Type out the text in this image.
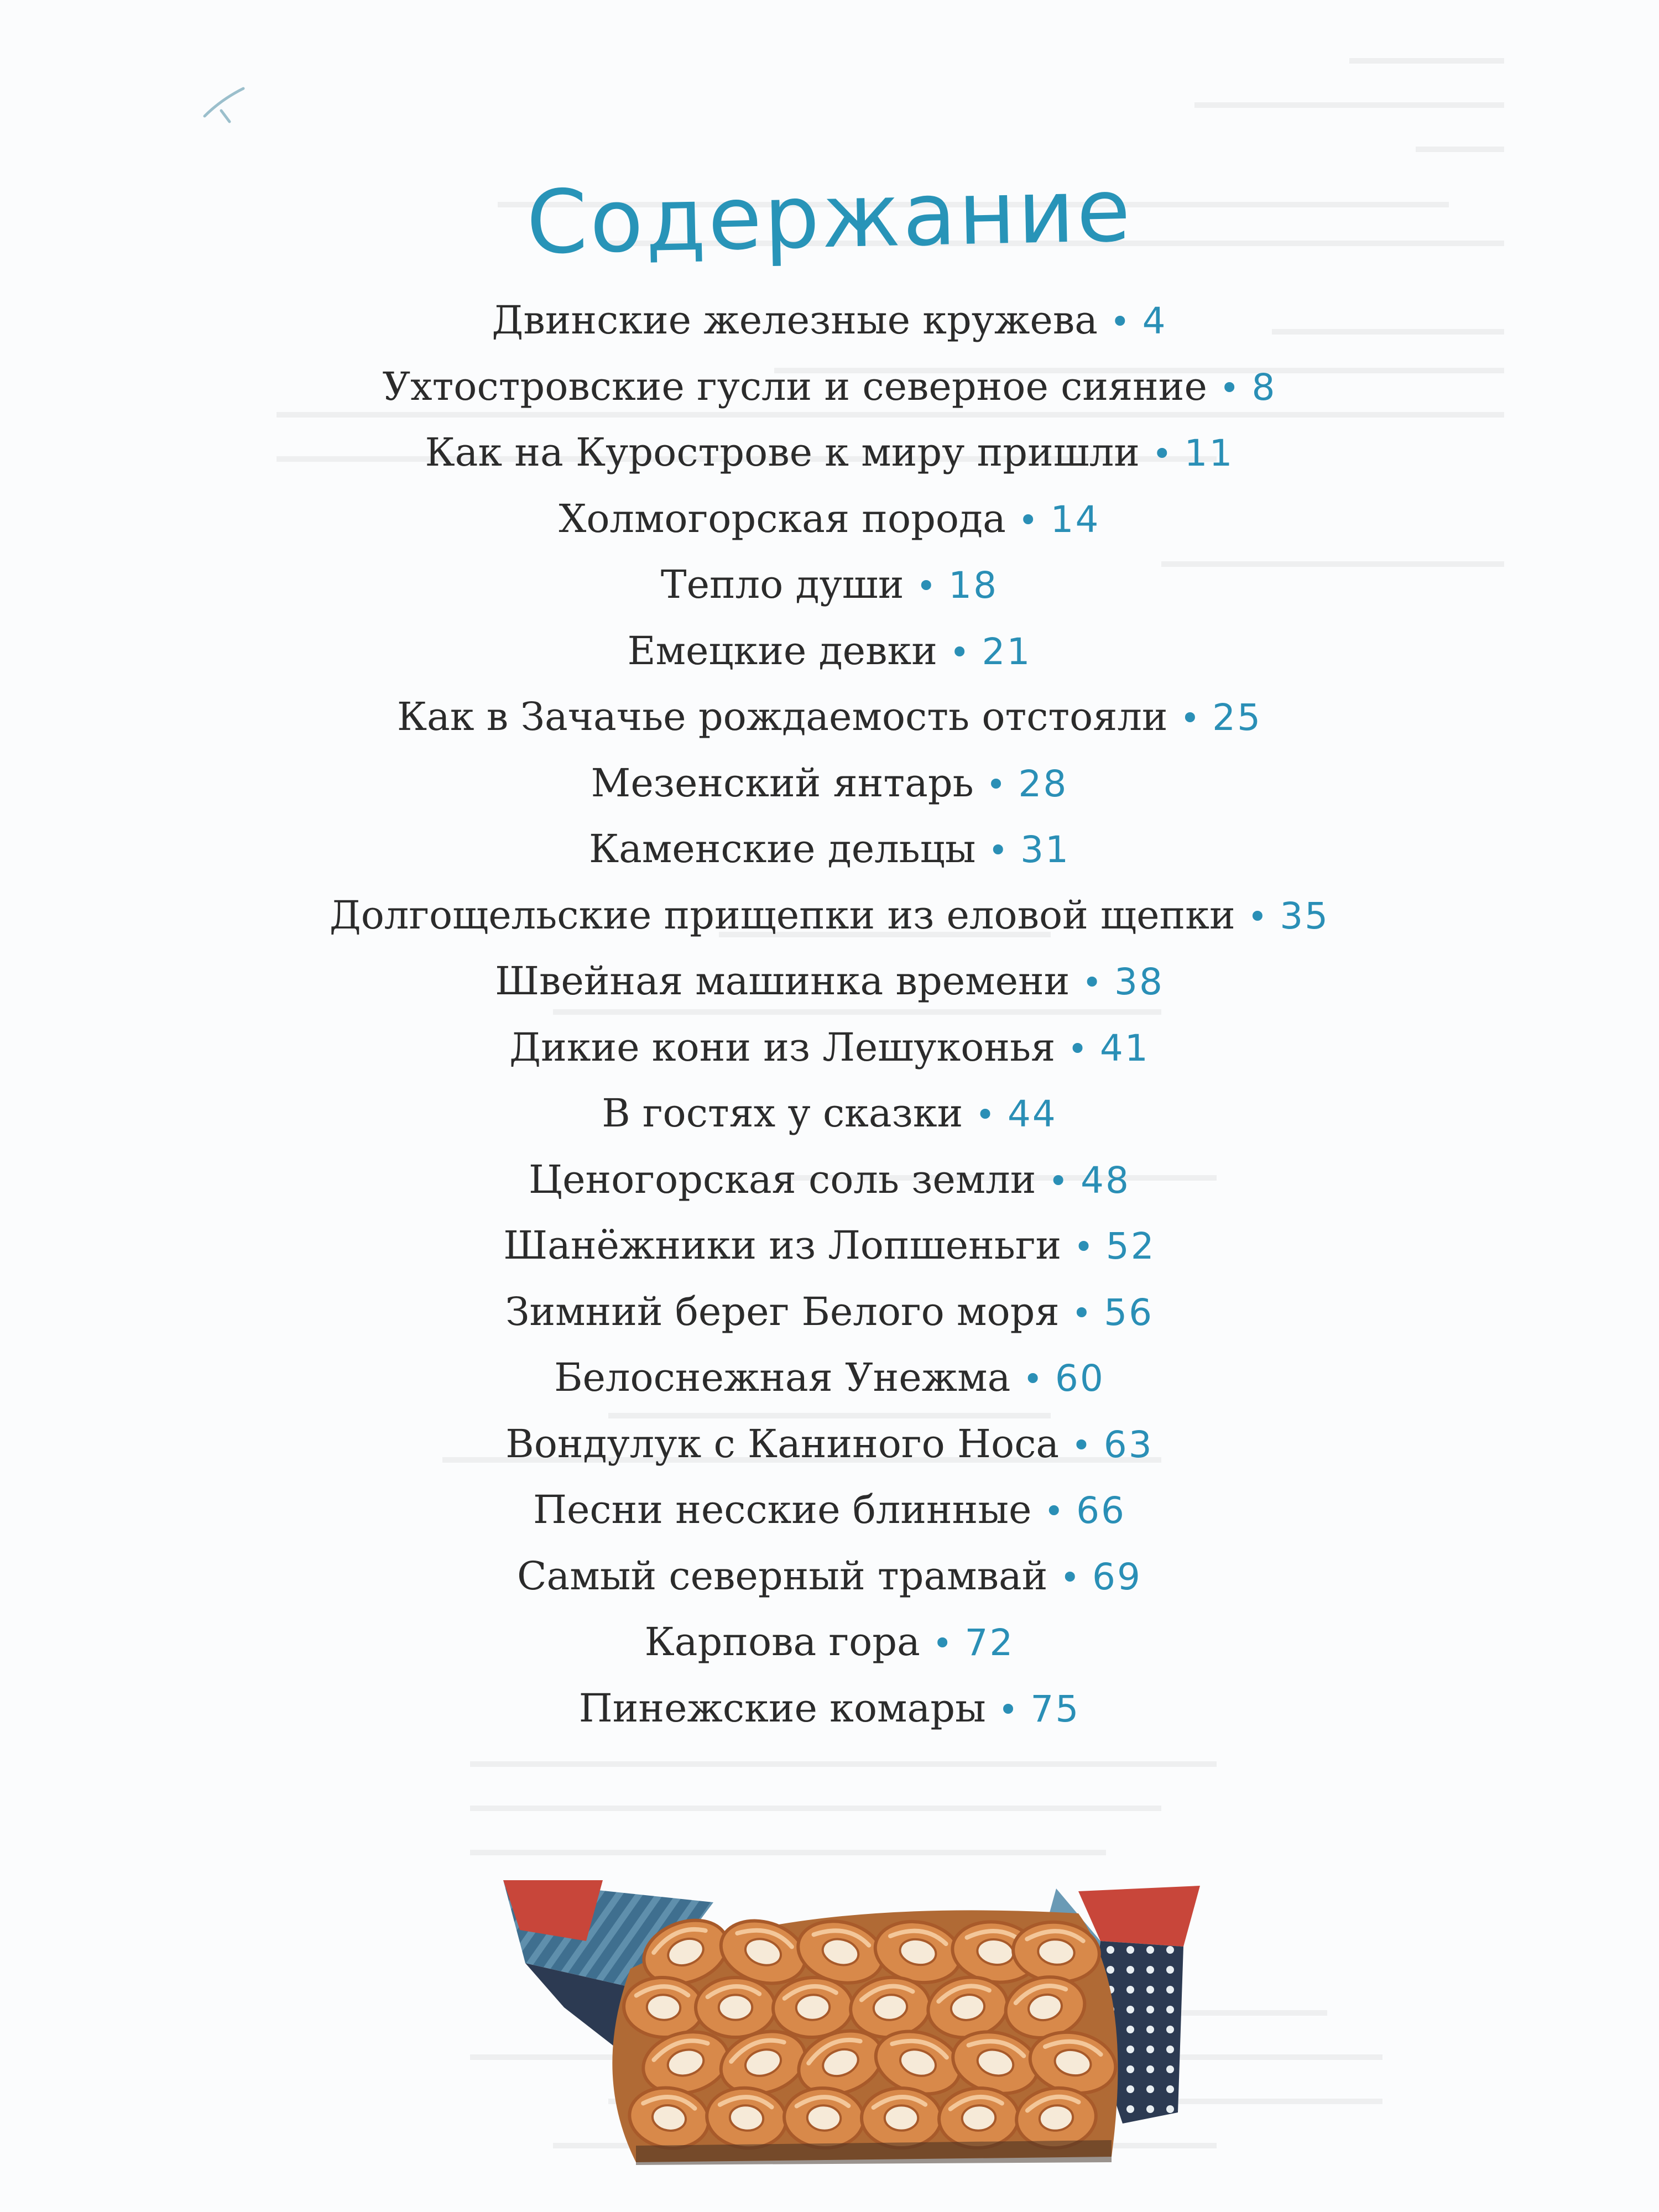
Содержание
Двинские железные кружева • 4
Ухтостровские гусли и северное сияние • 8
Как на Курострове к миру пришли • 11
Холмогорская порода • 14
Тепло души • 18
Емецкие девки • 21
Как в Зачачье рождаемость отстояли • 25
Мезенский янтарь • 28
Каменские дельцы • 31
Долгощельские прищепки из еловой щепки • 35
Швейная машинка времени • 38
Дикие кони из Лешуконья • 41
В гостях у сказки • 44
Ценогорская соль земли • 48
Шанёжники из Лопшеньги • 52
Зимний берег Белого моря • 56
Белоснежная Унежма • 60
Вондулук с Каниного Носа • 63
Песни несские блинные • 66
Самый северный трамвай • 69
Карпова гора • 72
Пинежские комары • 75
